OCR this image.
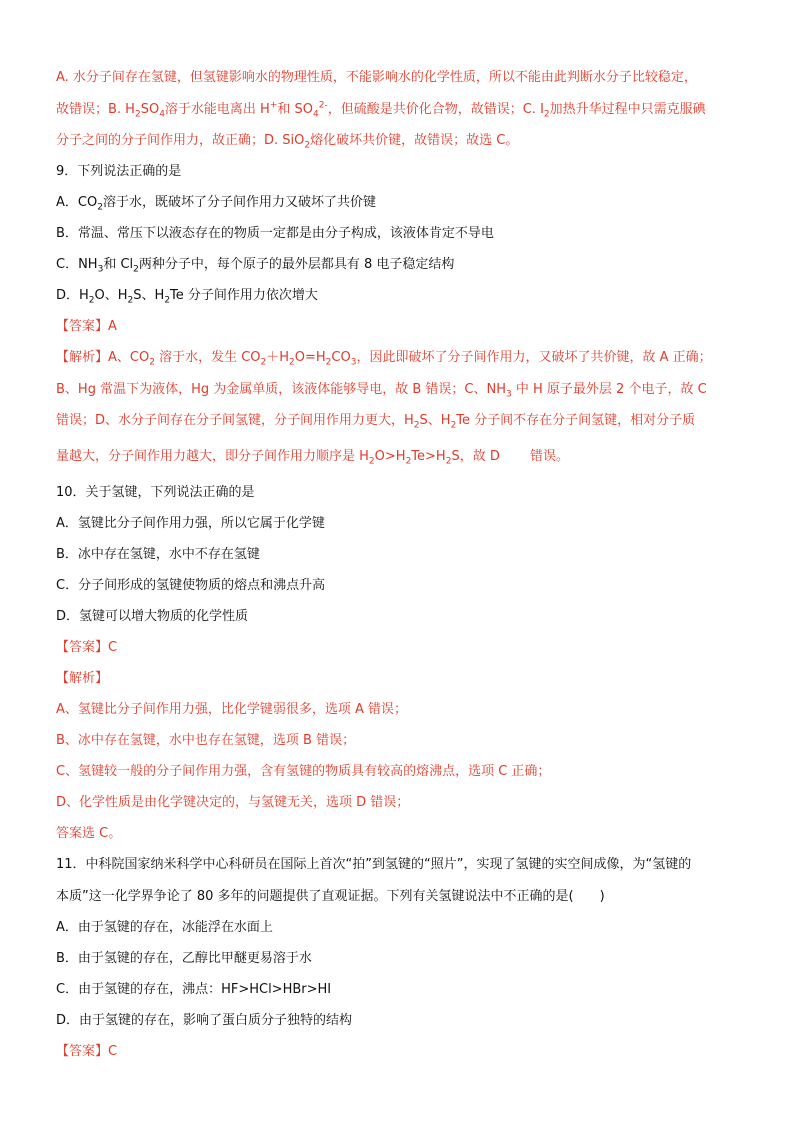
A. 水分子间存在氢键，但氢键影响水的物理性质，不能影响水的化学性质，所以不能由此判断水分子比较稳定，
故错误；B. $H_2SO_4$溶于水能电离出 H+和 $SO_4^{2-}$，但硫酸是共价化合物，故错误；C. $I_2$加热升华过程中只需克服碘
分子之间的分子间作用力，故正确；D. SiO$_2$熔化破坏共价键，故错误；故选 C。
9．下列说法正确的是
A．$CO_2$溶于水，既破坏了分子间作用力又破坏了共价键
B．常温、常压下以液态存在的物质一定都是由分子构成，该液体肯定不导电
C．$NH_3$和 $Cl_2$两种分子中，每个原子的最外层都具有 8 电子稳定结构
D．$H_2O$、$H_2S$、$H_2Te$ 分子间作用力依次增大
【答案】A
【解析】A、$CO_2$ 溶于水，发生 $CO_2+H_2O=H_2CO_3$，因此即破坏了分子间作用力，又破坏了共价键，故 A 正确；
B、Hg 常温下为液体，Hg 为金属单质，该液体能够导电，故 B 错误；C、$NH_3$ 中 H 原子最外层 2 个电子，故 C
错误；D、水分子间存在分子间氢键，分子间用作用力更大，$H_2S$、$H_2Te$ 分子间不存在分子间氢键，相对分子质
量越大，分子间作用力越大，即分子间作用力顺序是 $H_2O>H_2Te>H_2S$，故 D　　 错误。
10．关于氢键，下列说法正确的是
A．氢键比分子间作用力强，所以它属于化学键
B．冰中存在氢键，水中不存在氢键
C．分子间形成的氢键使物质的熔点和沸点升高
D．氢键可以增大物质的化学性质
【答案】C
【解析】
A、氢键比分子间作用力强，比化学键弱很多，选项 A 错误；
B、冰中存在氢键，水中也存在氢键，选项 B 错误；
C、氢键较一般的分子间作用力强，含有氢键的物质具有较高的熔沸点，选项 C 正确；
D、化学性质是由化学键决定的，与氢键无关，选项 D 错误；
答案选 C。
11．中科院国家纳米科学中心科研员在国际上首次“拍”到氢键的“照片”，实现了氢键的实空间成像，为“氢键的
本质”这一化学界争论了 80 多年的问题提供了直观证据。下列有关氢键说法中不正确的是(　　)
A．由于氢键的存在，冰能浮在水面上
B．由于氢键的存在，乙醇比甲醚更易溶于水
C．由于氢键的存在，沸点：HF>HCl>HBr>HI
D．由于氢键的存在，影响了蛋白质分子独特的结构
【答案】C
